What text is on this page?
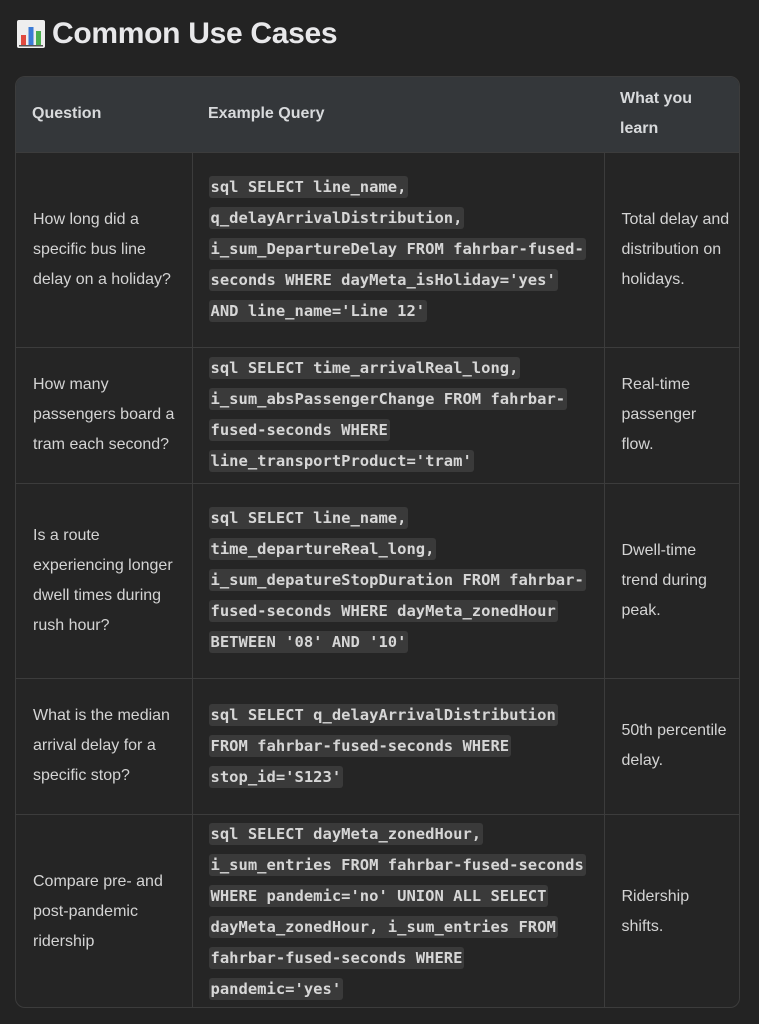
Common Use Cases
Question	Example Query	What you learn
How long did a specific bus line delay on a holiday?	sql SELECT line_name, q_delayArrivalDistribution, i_sum_DepartureDelay FROM fahrbar-fused-seconds WHERE dayMeta_isHoliday='yes' AND line_name='Line 12'	Total delay and distribution on holidays.
How many passengers board a tram each second?	sql SELECT time_arrivalReal_long, i_sum_absPassengerChange FROM fahrbar-fused-seconds WHERE line_transportProduct='tram'	Real-time passenger flow.
Is a route experiencing longer dwell times during rush hour?	sql SELECT line_name, time_departureReal_long, i_sum_depatureStopDuration FROM fahrbar-fused-seconds WHERE dayMeta_zonedHour BETWEEN '08' AND '10'	Dwell-time trend during peak.
What is the median arrival delay for a specific stop?	sql SELECT q_delayArrivalDistribution FROM fahrbar-fused-seconds WHERE stop_id='S123'	50th percentile delay.
Compare pre- and post-pandemic ridership	sql SELECT dayMeta_zonedHour, i_sum_entries FROM fahrbar-fused-seconds WHERE pandemic='no' UNION ALL SELECT dayMeta_zonedHour, i_sum_entries FROM fahrbar-fused-seconds WHERE pandemic='yes'	Ridership shifts.
